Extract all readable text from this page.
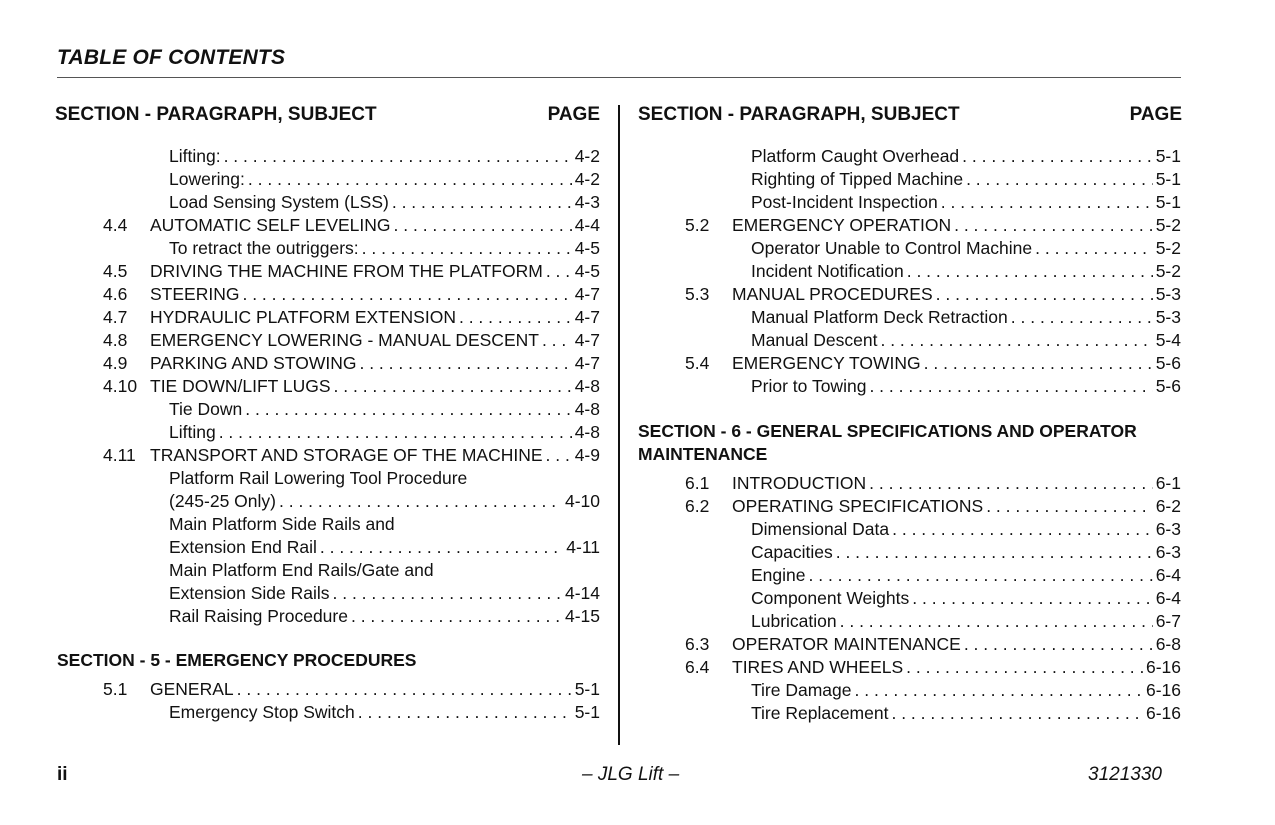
TABLE OF CONTENTS
SECTION - PARAGRAPH, SUBJECT	PAGE SECTION - PARAGRAPH, SUBJECT	PAGE
Lifting: . . .	4-2
Lowering: . . .	4-2
Load Sensing System (LSS) . . .	4-3
4.4 AUTOMATIC SELF LEVELING . . .	4-4
To retract the outriggers: . . .	4-5
4.5 DRIVING THE MACHINE FROM THE PLATFORM . . . 4-5
4.6 STEERING . . .	4-7
4.7 HYDRAULIC PLATFORM EXTENSION . . .	4-7
4.8 EMERGENCY LOWERING - MANUAL DESCENT . . . 4-7
4.9 PARKING AND STOWING . . .	4-7
4.10 TIE DOWN/LIFT LUGS . . .	4-8
Tie Down . . .	4-8
Lifting . . .	4-8
4.11 TRANSPORT AND STORAGE OF THE MACHINE . . . 4-9
Platform Rail Lowering Tool Procedure
(245-25 Only) . . .	4-10
Main Platform Side Rails and
Extension End Rail . . .	4-11
Main Platform End Rails/Gate and
Extension Side Rails . . .	4-14
Rail Raising Procedure . . .	4-15
SECTION - 5 - EMERGENCY PROCEDURES
5.1 GENERAL . . .	5-1
Emergency Stop Switch . . .	5-1
Platform Caught Overhead . . .	5-1
Righting of Tipped Machine . . .	5-1
Post-Incident Inspection . . .	5-1
5.2 EMERGENCY OPERATION . . .	5-2
Operator Unable to Control Machine . . .	5-2
Incident Notification . . .	5-2
5.3 MANUAL PROCEDURES . . .	5-3
Manual Platform Deck Retraction . . .	5-3
Manual Descent . . .	5-4
5.4 EMERGENCY TOWING . . .	5-6
Prior to Towing . . .	5-6
SECTION - 6 - GENERAL SPECIFICATIONS AND OPERATOR
MAINTENANCE
6.1 INTRODUCTION . . .	6-1
6.2 OPERATING SPECIFICATIONS . . .	6-2
Dimensional Data . . .	6-3
Capacities . . .	6-3
Engine . . .	6-4
Component Weights . . .	6-4
Lubrication . . .	6-7
6.3 OPERATOR MAINTENANCE . . .	6-8
6.4 TIRES AND WHEELS . . .	6-16
Tire Damage . . .	6-16
Tire Replacement . . .	6-16
ii	– JLG Lift –	3121330
